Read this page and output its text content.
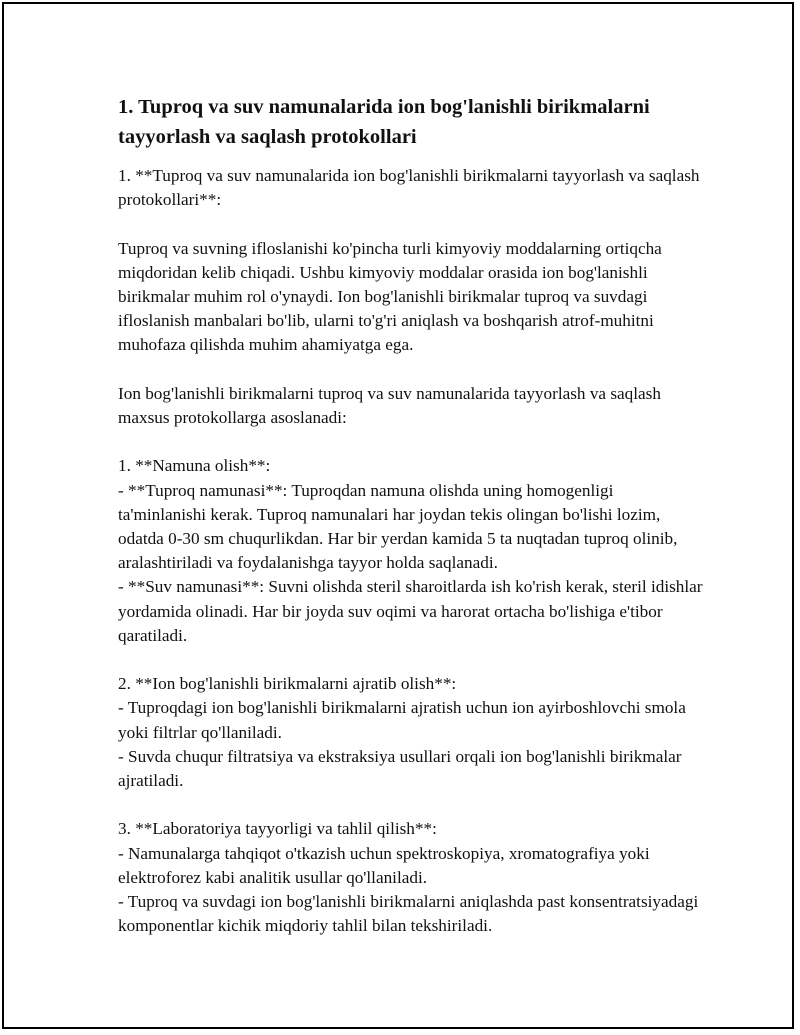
1. Tuproq va suv namunalarida ion bog'lanishli birikmalarni tayyorlash va saqlash protokollari
1. **Tuproq va suv namunalarida ion bog'lanishli birikmalarni tayyorlash va saqlash protokollari**:

Tuproq va suvning ifloslanishi ko'pincha turli kimyoviy moddalarning ortiqcha miqdoridan kelib chiqadi. Ushbu kimyoviy moddalar orasida ion bog'lanishli birikmalar muhim rol o'ynaydi. Ion bog'lanishli birikmalar tuproq va suvdagi ifloslanish manbalari bo'lib, ularni to'g'ri aniqlash va boshqarish atrof-muhitni muhofaza qilishda muhim ahamiyatga ega.

Ion bog'lanishli birikmalarni tuproq va suv namunalarida tayyorlash va saqlash maxsus protokollarga asoslanadi:

1. **Namuna olish**:
- **Tuproq namunasi**: Tuproqdan namuna olishda uning homogenligi ta'minlanishi kerak. Tuproq namunalari har joydan tekis olingan bo'lishi lozim, odatda 0-30 sm chuqurlikdan. Har bir yerdan kamida 5 ta nuqtadan tuproq olinib, aralashtiriladi va foydalanishga tayyor holda saqlanadi.
- **Suv namunasi**: Suvni olishda steril sharoitlarda ish ko'rish kerak, steril idishlar yordamida olinadi. Har bir joyda suv oqimi va harorat ortacha bo'lishiga e'tibor qaratiladi.

2. **Ion bog'lanishli birikmalarni ajratib olish**:
- Tuproqdagi ion bog'lanishli birikmalarni ajratish uchun ion ayirboshlovchi smola yoki filtrlar qo'llaniladi.
- Suvda chuqur filtratsiya va ekstraksiya usullari orqali ion bog'lanishli birikmalar ajratiladi.

3. **Laboratoriya tayyorligi va tahlil qilish**:
- Namunalarga tahqiqot o'tkazish uchun spektroskopiya, xromatografiya yoki elektroforez kabi analitik usullar qo'llaniladi.
- Tuproq va suvdagi ion bog'lanishli birikmalarni aniqlashda past konsentratsiyadagi komponentlar kichik miqdoriy tahlil bilan tekshiriladi.
